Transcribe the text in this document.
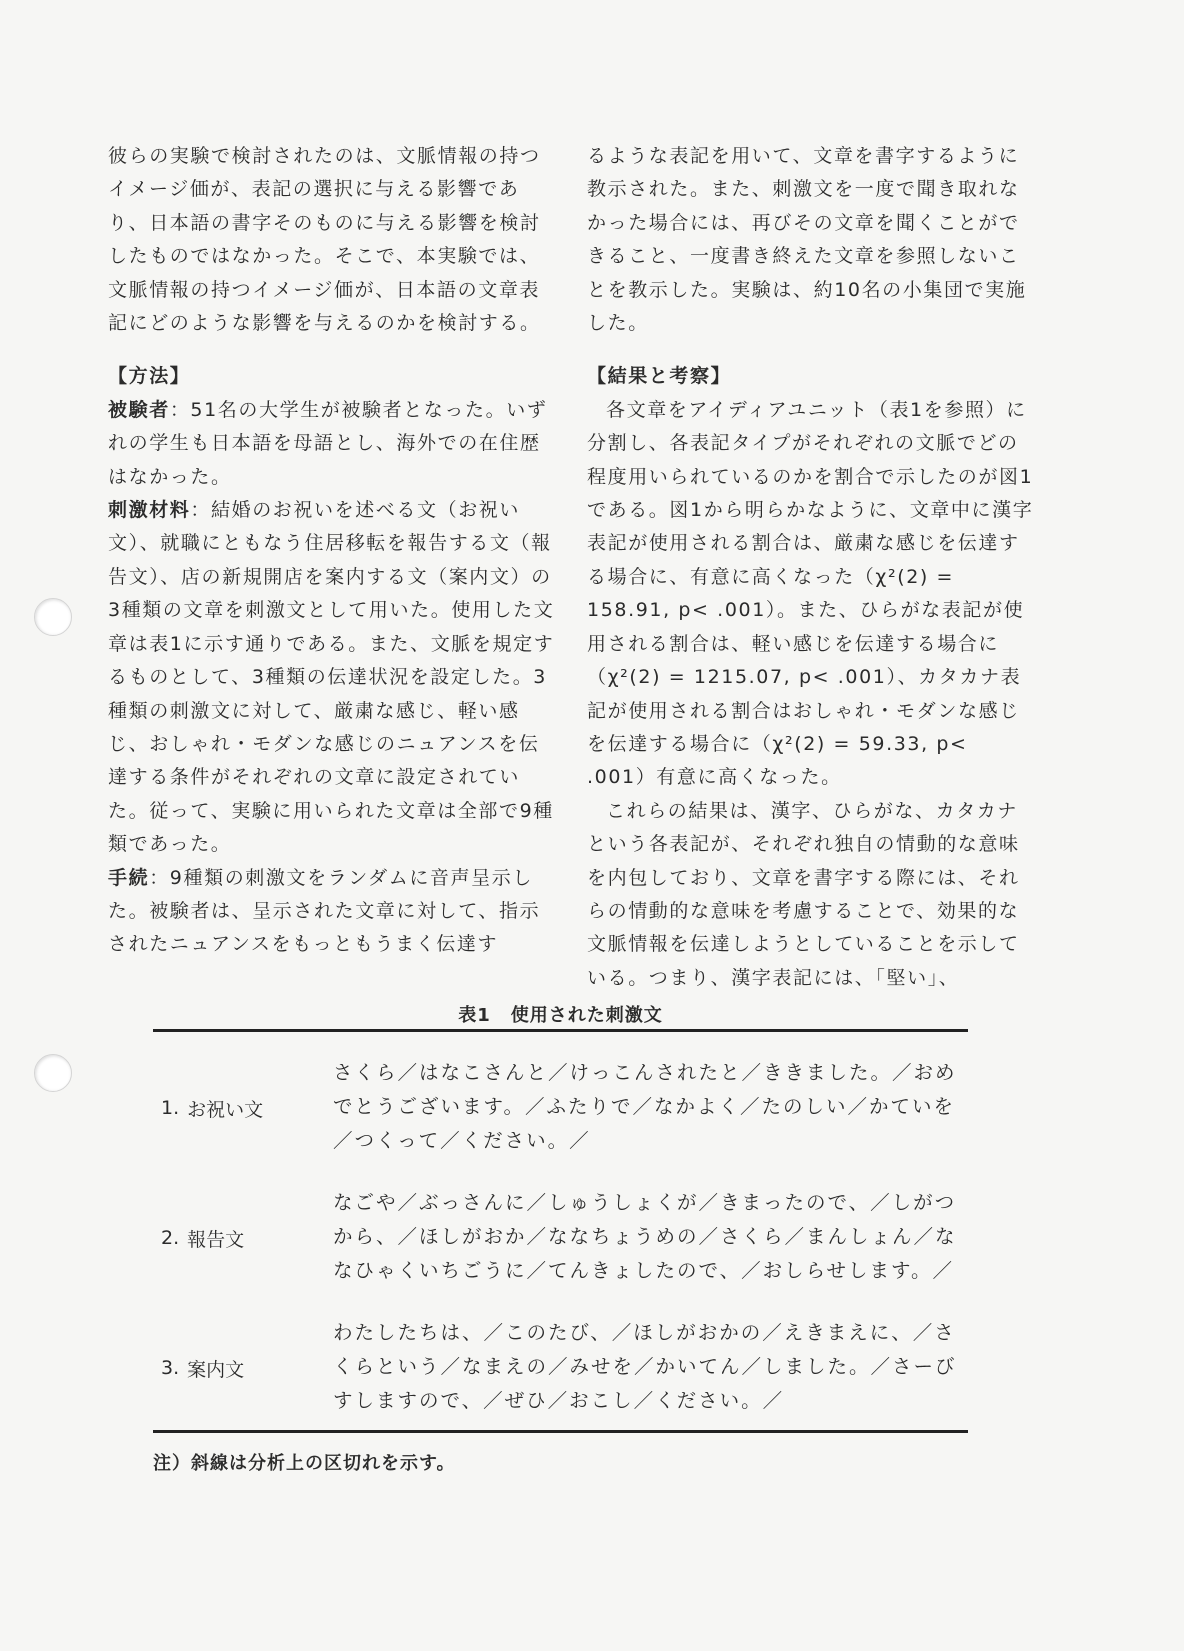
彼らの実験で検討されたのは、文脈情報の持つイメージ価が、表記の選択に与える影響であり、日本語の書字そのものに与える影響を検討したものではなかった。そこで、本実験では、文脈情報の持つイメージ価が、日本語の文章表記にどのような影響を与えるのかを検討する。

【方法】

被験者：51名の大学生が被験者となった。いずれの学生も日本語を母語とし、海外での在住歴はなかった。

刺激材料：結婚のお祝いを述べる文（お祝い文）、就職にともなう住居移転を報告する文（報告文）、店の新規開店を案内する文（案内文）の3種類の文章を刺激文として用いた。使用した文章は表1に示す通りである。また、文脈を規定するものとして、3種類の伝達状況を設定した。3種類の刺激文に対して、厳粛な感じ、軽い感じ、おしゃれ・モダンな感じのニュアンスを伝達する条件がそれぞれの文章に設定されていた。従って、実験に用いられた文章は全部で9種類であった。

手続：9種類の刺激文をランダムに音声呈示した。被験者は、呈示された文章に対して、指示されたニュアンスをもっともうまく伝達す

るような表記を用いて、文章を書字するように教示された。また、刺激文を一度で聞き取れなかった場合には、再びその文章を聞くことができること、一度書き終えた文章を参照しないことを教示した。実験は、約10名の小集団で実施した。

【結果と考察】

各文章をアイディアユニット（表1を参照）に分割し、各表記タイプがそれぞれの文脈でどの程度用いられているのかを割合で示したのが図1である。図1から明らかなように、文章中に漢字表記が使用される割合は、厳粛な感じを伝達する場合に、有意に高くなった（χ²(2) = 158.91, p< .001）。また、ひらがな表記が使用される割合は、軽い感じを伝達する場合に（χ²(2) = 1215.07, p< .001）、カタカナ表記が使用される割合はおしゃれ・モダンな感じを伝達する場合に（χ²(2) = 59.33, p< .001）有意に高くなった。

これらの結果は、漢字、ひらがな、カタカナという各表記が、それぞれ独自の情動的な意味を内包しており、文章を書字する際には、それらの情動的な意味を考慮することで、効果的な文脈情報を伝達しようとしていることを示している。つまり、漢字表記には、「堅い」、

表1 使用された刺激文
1. お祝い文
さくら／はなこさんと／けっこんされたと／ききました。／おめでとうございます。／ふたりで／なかよく／たのしい／かていを／つくって／ください。／
2. 報告文
なごや／ぶっさんに／しゅうしょくが／きまったので、／しがつから、／ほしがおか／ななちょうめの／さくら／まんしょん／ななひゃくいちごうに／てんきょしたので、／おしらせします。／
3. 案内文
わたしたちは、／このたび、／ほしがおかの／えきまえに、／さくらという／なまえの／みせを／かいてん／しました。／さーびすしますので、／ぜひ／おこし／ください。／
注）斜線は分析上の区切れを示す。
